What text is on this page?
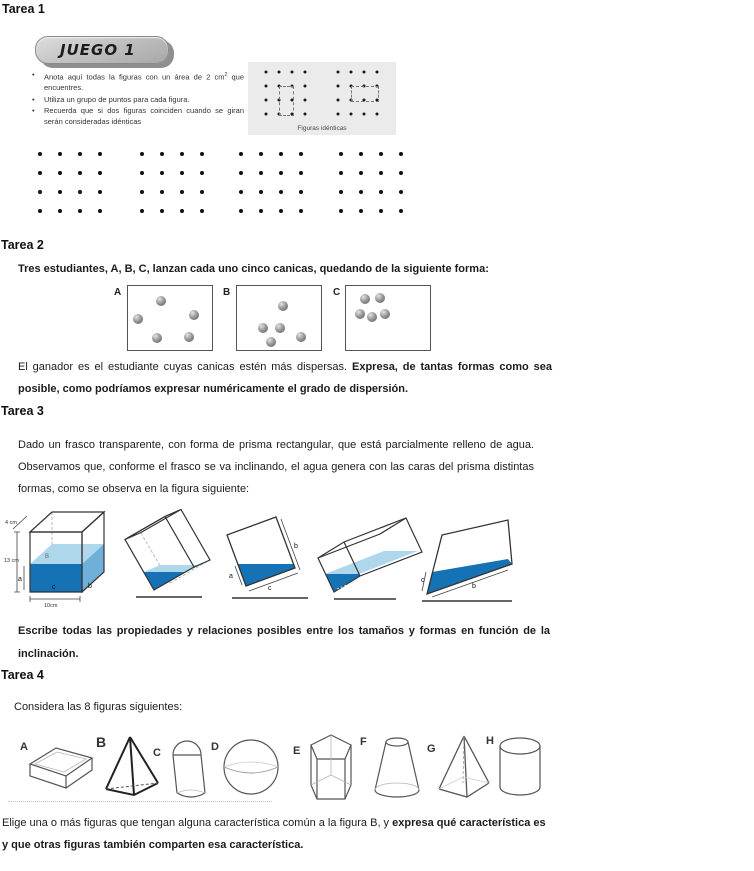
Tarea 1
JUEGO 1
•	Anota aquí todas la figuras con un área de 2 $cm^2$ que encuentres.
•	Utiliza un grupo de puntos para cada figura.
•	Recuerda que si dos figuras coinciden cuando se giran serán consideradas idénticas
Figuras idénticas
Tarea 2
Tres estudiantes, A, B, C, lanzan cada uno cinco canicas, quedando de la siguiente forma:
A	B	C
El ganador es el estudiante cuyas canicas estén más dispersas. Expresa, de tantas formas como sea posible, como podríamos expresar numéricamente el grado de dispersión.
Tarea 3
Dado un frasco transparente, con forma de prisma rectangular, que está parcialmente relleno de agua. Observamos que, conforme el frasco se va inclinando, el agua genera con las caras del prisma distintas formas, como se observa en la figura siguiente:
4 cm
13 cm
10cm
a
c	b
B
a
c
b
c
b
Escribe todas las propiedades y relaciones posibles entre los tamaños y formas en función de la inclinación.
Tarea 4
Considera las 8 figuras siguientes:
A	B
C	D	E
F
G
H
Elige una o más figuras que tengan alguna característica común a la figura B, y expresa qué característica es y que otras figuras también comparten esa característica.
